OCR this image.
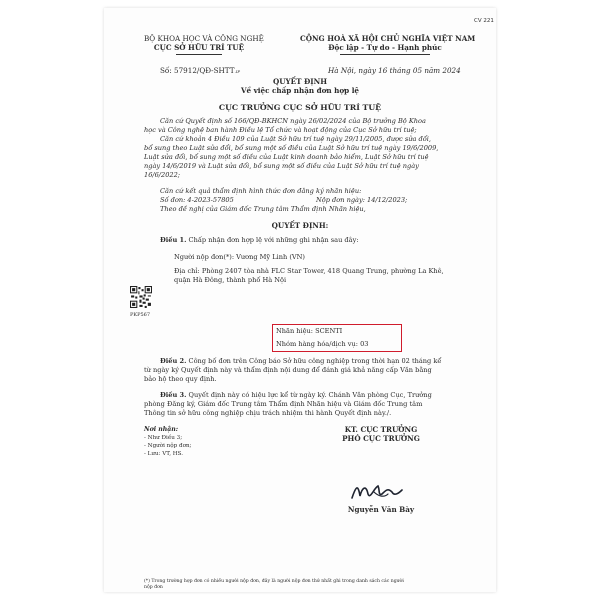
CV 221
BỘ KHOA HỌC VÀ CÔNG NGHỆ
CỤC SỞ HỮU TRÍ TUỆ
CỘNG HOÀ XÃ HỘI CHỦ NGHĨA VIỆT NAM
Độc lập - Tự do - Hạnh phúc
Số: 57912/QĐ-SHTT.IP	Hà Nội, ngày 16 tháng 05 năm 2024
QUYẾT ĐỊNH
Về việc chấp nhận đơn hợp lệ
CỤC TRƯỞNG CỤC SỞ HỮU TRÍ TUỆ
Căn cứ Quyết định số 166/QĐ-BKHCN ngày 26/02/2024 của Bộ trưởng Bộ Khoa
học và Công nghệ ban hành Điều lệ Tổ chức và hoạt động của Cục Sở hữu trí tuệ;
Căn cứ khoản 4 Điều 109 của Luật Sở hữu trí tuệ ngày 29/11/2005, được sửa đổi,
bổ sung theo Luật sửa đổi, bổ sung một số điều của Luật Sở hữu trí tuệ ngày 19/6/2009,
Luật sửa đổi, bổ sung một số điều của Luật kinh doanh bảo hiểm, Luật Sở hữu trí tuệ
ngày 14/6/2019 và Luật sửa đổi, bổ sung một số điều của Luật Sở hữu trí tuệ ngày
16/6/2022;
Căn cứ kết quả thẩm định hình thức đơn đăng ký nhãn hiệu:
Số đơn: 4-2023-57805	Nộp đơn ngày: 14/12/2023;
Theo đề nghị của Giám đốc Trung tâm Thẩm định Nhãn hiệu,
QUYẾT ĐỊNH:
Điều 1. Chấp nhận đơn hợp lệ với những ghi nhận sau đây:
Người nộp đơn(*): Vương Mỹ Linh (VN)
Địa chỉ: Phòng 2407 tòa nhà FLC Star Tower, 418 Quang Trung, phường La Khê,
quận Hà Đông, thành phố Hà Nội
PKP567
Nhãn hiệu: SCENTI
Nhóm hàng hóa/dịch vụ: 03
Điều 2. Công bố đơn trên Công báo Sở hữu công nghiệp trong thời hạn 02 tháng kể
từ ngày ký Quyết định này và thẩm định nội dung để đánh giá khả năng cấp Văn bằng
bảo hộ theo quy định.
Điều 3. Quyết định này có hiệu lực kể từ ngày ký. Chánh Văn phòng Cục, Trưởng
phòng Đăng ký, Giám đốc Trung tâm Thẩm định Nhãn hiệu và Giám đốc Trung tâm
Thông tin sở hữu công nghiệp chịu trách nhiệm thi hành Quyết định này./.
Nơi nhận:
- Như Điều 3;
- Người nộp đơn;
- Lưu: VT, HS.
KT. CỤC TRƯỞNG
PHÓ CỤC TRƯỞNG
Nguyễn Văn Bày
(*) Trong trường hợp đơn có nhiều người nộp đơn, đây là người nộp đơn thứ nhất ghi trong danh sách các người
nộp đơn
